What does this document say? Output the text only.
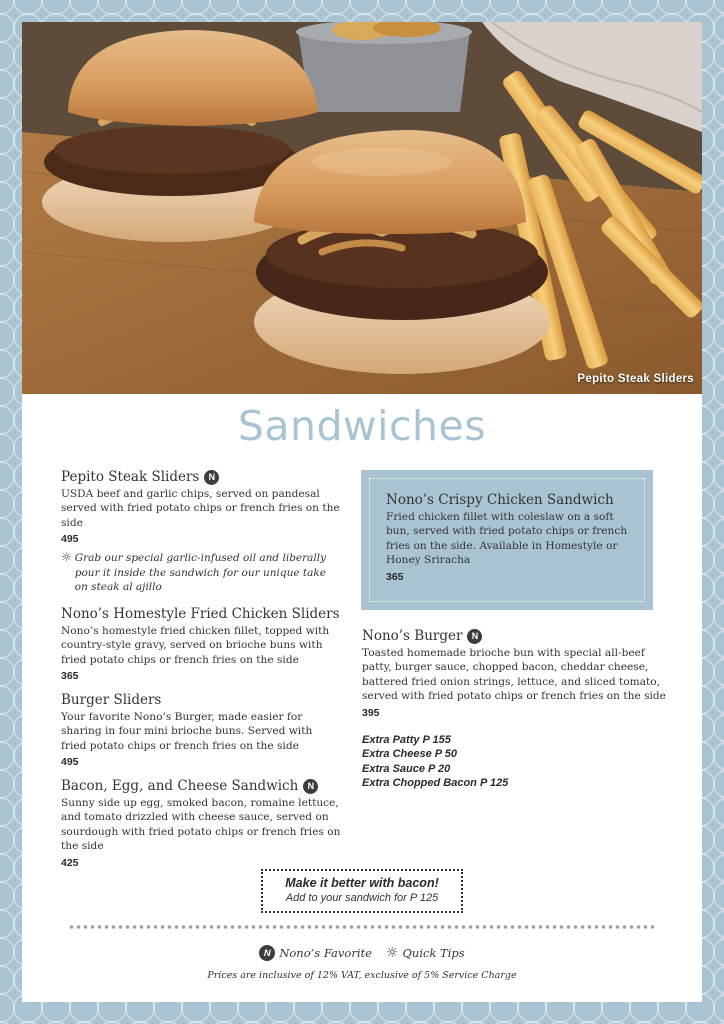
Pepito Steak Sliders
Sandwiches
Pepito Steak Sliders	N
USDA beef and garlic chips, served on pandesal served with fried potato chips or french fries on the side
495
☼ Grab our special garlic-infused oil and liberally pour it inside the sandwich for our unique take on steak al ajillo
Nono’s Homestyle Fried Chicken Sliders
Nono’s homestyle fried chicken fillet, topped with country-style gravy, served on brioche buns with fried potato chips or french fries on the side
365
Burger Sliders
Your favorite Nono’s Burger, made easier for sharing in four mini brioche buns. Served with fried potato chips or french fries on the side
495
Bacon, Egg, and Cheese Sandwich	N
Sunny side up egg, smoked bacon, romaine lettuce, and tomato drizzled with cheese sauce, served on sourdough with fried potato chips or french fries on the side
425
Nono’s Crispy Chicken Sandwich
Fried chicken fillet with coleslaw on a soft bun, served with fried potato chips or french fries on the side. Available in Homestyle or Honey Sriracha
365
Nono’s Burger	N
Toasted homemade brioche bun with special all-beef patty, burger sauce, chopped bacon, cheddar cheese, battered fried onion strings, lettuce, and sliced tomato, served with fried potato chips or french fries on the side
395
Extra Patty P 155
Extra Cheese P 50
Extra Sauce P 20
Extra Chopped Bacon P 125
Make it better with bacon!
Add to your sandwich for P 125
N Nono’s Favorite ☼ Quick Tips
Prices are inclusive of 12% VAT, exclusive of 5% Service Charge
